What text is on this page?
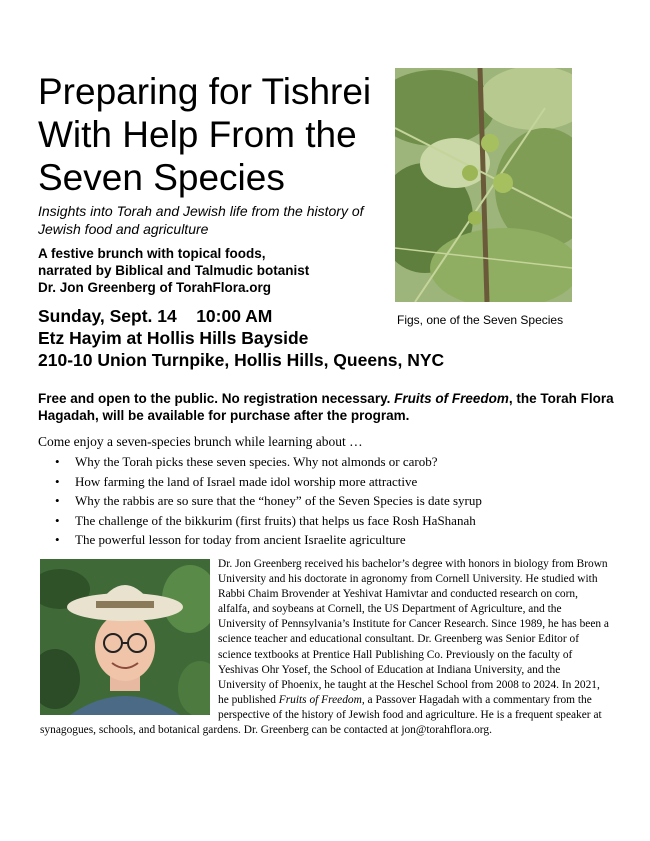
Preparing for Tishrei
With Help From the
Seven Species
Insights into Torah and Jewish life from the history of Jewish food and agriculture
A festive brunch with topical foods,
narrated by Biblical and Talmudic botanist
Dr. Jon Greenberg of TorahFlora.org
Figs, one of the Seven Species
Sunday, Sept. 14    10:00 AM
Etz Hayim at Hollis Hills Bayside
210-10 Union Turnpike, Hollis Hills, Queens, NYC
Free and open to the public. No registration necessary. Fruits of Freedom, the Torah Flora Hagadah, will be available for purchase after the program.
Come enjoy a seven-species brunch while learning about …
• Why the Torah picks these seven species. Why not almonds or carob?
• How farming the land of Israel made idol worship more attractive
• Why the rabbis are so sure that the “honey” of the Seven Species is date syrup
• The challenge of the bikkurim (first fruits) that helps us face Rosh HaShanah
• The powerful lesson for today from ancient Israelite agriculture
Dr. Jon Greenberg received his bachelor’s degree with honors in biology from Brown University and his doctorate in agronomy from Cornell University. He studied with Rabbi Chaim Brovender at Yeshivat Hamivtar and conducted research on corn, alfalfa, and soybeans at Cornell, the US Department of Agriculture, and the University of Pennsylvania’s Institute for Cancer Research. Since 1989, he has been a science teacher and educational consultant. Dr. Greenberg was Senior Editor of science textbooks at Prentice Hall Publishing Co. Previously on the faculty of Yeshivas Ohr Yosef, the School of Education at Indiana University, and the University of Phoenix, he taught at the Heschel School from 2008 to 2024. In 2021, he published Fruits of Freedom, a Passover Hagadah with a commentary from the perspective of the history of Jewish food and agriculture. He is a frequent speaker at synagogues, schools, and botanical gardens. Dr. Greenberg can be contacted at jon@torahflora.org.
